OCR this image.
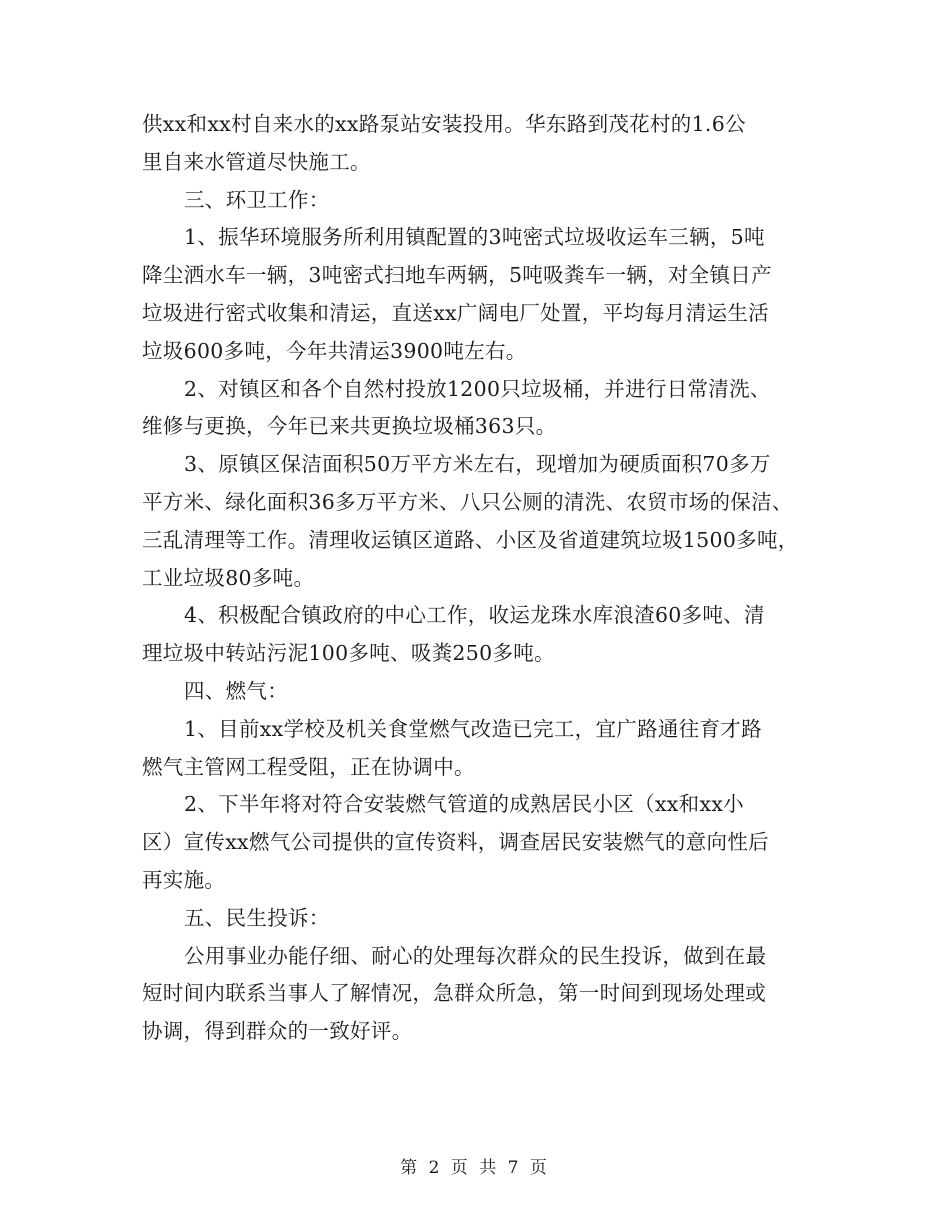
供xx和xx村自来水的xx路泵站安装投用。华东路到茂花村的1.6公
里自来水管道尽快施工。
三、环卫工作：
1、振华环境服务所利用镇配置的3吨密式垃圾收运车三辆，5吨
降尘洒水车一辆，3吨密式扫地车两辆，5吨吸粪车一辆，对全镇日产
垃圾进行密式收集和清运，直送xx广阔电厂处置，平均每月清运生活
垃圾600多吨，今年共清运3900吨左右。
2、对镇区和各个自然村投放1200只垃圾桶，并进行日常清洗、
维修与更换，今年已来共更换垃圾桶363只。
3、原镇区保洁面积50万平方米左右，现增加为硬质面积70多万
平方米、绿化面积36多万平方米、八只公厕的清洗、农贸市场的保洁、
三乱清理等工作。清理收运镇区道路、小区及省道建筑垃圾1500多吨，
工业垃圾80多吨。
4、积极配合镇政府的中心工作，收运龙珠水库浪渣60多吨、清
理垃圾中转站污泥100多吨、吸粪250多吨。
四、燃气：
1、目前xx学校及机关食堂燃气改造已完工，宜广路通往育才路
燃气主管网工程受阻，正在协调中。
2、下半年将对符合安装燃气管道的成熟居民小区（xx和xx小
区）宣传xx燃气公司提供的宣传资料，调查居民安装燃气的意向性后
再实施。
五、民生投诉：
公用事业办能仔细、耐心的处理每次群众的民生投诉，做到在最
短时间内联系当事人了解情况，急群众所急，第一时间到现场处理或
协调，得到群众的一致好评。
第 2 页 共 7 页
